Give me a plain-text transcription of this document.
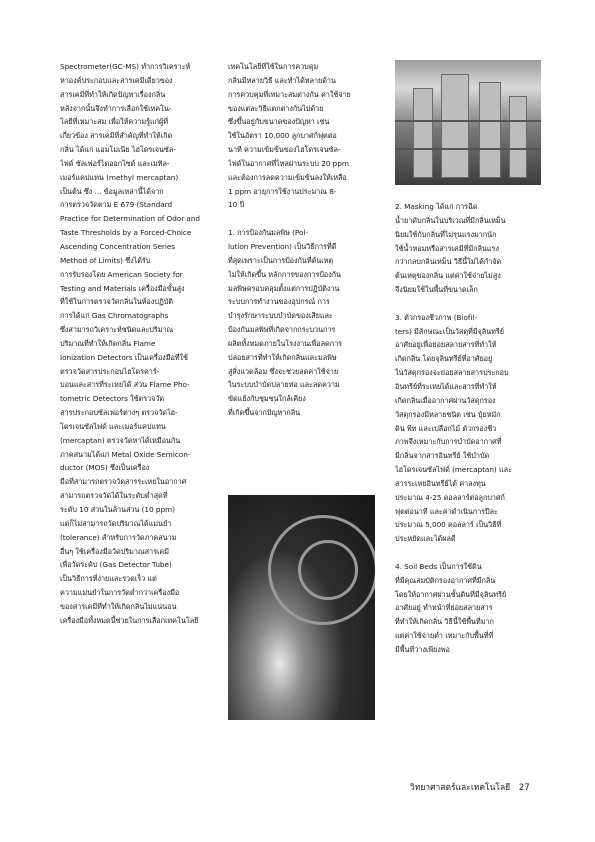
Spectrometer(GC-MS) ทำการวิเคราะห์

หาองค์ประกอบและสารเคมีเดี่ยวของ

สารเคมีที่ทำให้เกิดปัญหาเรื่องกลิ่น

หลังจากนั้นจึงทำการเลือกใช้เทคโน-

โลยีที่เหมาะสม เพื่อให้ความรู้แก่ผู้ที่

เกี่ยวข้อง สารเคมีที่สำคัญที่ทำให้เกิด

กลิ่น ได้แก่ แอมโมเนีย ไฮโดรเจนซัล-

ไฟด์ ซัลเฟอร์ไดออกไซด์ และเมทิล-

เมอร์แคปแทน (methyl mercaptan)

เป็นต้น ซึ่ง ... ข้อมูลเหล่านี้ได้จาก

การตรวจวัดตาม E 679 (Standard

Practice for Determination of Odor and

Taste Thresholds by a Forced-Choice

Ascending Concentration Series

Method of Limits) ซึ่งได้รับ

การรับรองโดย American Society for

Testing and Materials เครื่องมือขั้นสูง

ที่ใช้ในการตรวจวัดกลิ่นในห้องปฏิบัติ

การได้แก่ Gas Chromatographs

ซึ่งสามารถวิเคราะห์ชนิดและปริมาณ

ปริมาณที่ทำให้เกิดกลิ่น Flame

Ionization Detectors เป็นเครื่องมือที่ใช้

ตรวจวัดสารประกอบไฮโดรคาร์-

บอนและสารที่ระเหยได้ ส่วน Flame Pho-

tometric Detectors ใช้ตรวจวัด

สารประกอบซัลเฟอร์ต่างๆ ตรวจวัดไฮ-

โดรเจนซัลไฟด์ และเมอร์แคปแทน

(mercaptan) ตรวจวัดหาได้เหมือนกัน

ภาคสนามได้แก่ Metal Oxide Semicon-

ductor (MOS) ซึ่งเป็นเครื่อง

มือที่สามารถตรวจวัดสารระเหยในอากาศ

สามารถตรวจวัดได้ในระดับต่ำสุดที่

ระดับ 10 ส่วนในล้านส่วน (10 ppm)

แต่ก็ไม่สามารถวัดปริมาณได้แม่นยำ

(tolerance) สำหรับการวัดภาคสนาม

อื่นๆ ใช้เครื่องมือวัดปริมาณสารเคมี

เพื่อวัดระดับ (Gas Detector Tube)

เป็นวิธีการที่ง่ายและรวดเร็ว แต่

ความแม่นยำในการวัดต่ำกว่าเครื่องมือ

ของสารเคมีที่ทำให้เกิดกลิ่นไม่แน่นอน

เครื่องมือทั้งหมดนี้ช่วยในการเลือกเทคโนโลยี

เทคโนโลยีที่ใช้ในการควบคุม

กลิ่นมีหลายวิธี และทำได้หลายด้าน

การควบคุมที่เหมาะสมต่างกัน ค่าใช้จ่าย

ของแต่ละวิธีแตกต่างกันไปด้วย

ซึ่งขึ้นอยู่กับขนาดของปัญหา เช่น

ใช้ในอัตรา 10,000 ลูกบาศก์ฟุตต่อ

นาที ความเข้มข้นของไฮโดรเจนซัล-

ไฟด์ในอากาศที่ไหลผ่านระบบ 20 ppm

และต้องการลดความเข้มข้นลงให้เหลือ

1 ppm อายุการใช้งานประมาณ 8-

10 ปี

1. การป้องกันมลพิษ (Pol-

lution Prevention) เป็นวิธีการที่ดี

ที่สุดเพราะเป็นการป้องกันที่ต้นเหตุ

ไม่ให้เกิดขึ้น หลักการของการป้องกัน

มลพิษครอบคลุมตั้งแต่การปฏิบัติงาน

ระบบการทำงานของอุปกรณ์ การ

บำรุงรักษาระบบบำบัดของเสียและ

ป้องกันมลพิษที่เกิดจากกระบวนการ

ผลิตทั้งหมดภายในโรงงานเพื่อลดการ

ปล่อยสารที่ทำให้เกิดกลิ่นและมลพิษ

สู่สิ่งแวดล้อม ซึ่งจะช่วยลดค่าใช้จ่าย

ในระบบบำบัดปลายท่อ และลดความ

ขัดแย้งกับชุมชนใกล้เคียง

ที่เกิดขึ้นจากปัญหากลิ่น

2. Masking ได้แก่ การฉีด

น้ำยาดับกลิ่นในบริเวณที่มีกลิ่นเหม็น

นิยมใช้กับกลิ่นที่ไม่รุนแรงมากนัก

ใช้น้ำหอมหรือสารเคมีที่มีกลิ่นแรง

กว่ากลบกลิ่นเหม็น วิธีนี้ไม่ได้กำจัด

ต้นเหตุของกลิ่น แต่ค่าใช้จ่ายไม่สูง

จึงนิยมใช้ในพื้นที่ขนาดเล็ก

3. ตัวกรองชีวภาพ (Biofil-

ters) มีลักษณะเป็นวัสดุที่มีจุลินทรีย์

อาศัยอยู่เพื่อย่อยสลายสารที่ทำให้

เกิดกลิ่น โดยจุลินทรีย์ที่อาศัยอยู่

ในวัสดุกรองจะย่อยสลายสารประกอบ

อินทรีย์ที่ระเหยได้และสารที่ทำให้

เกิดกลิ่นเมื่ออากาศผ่านวัสดุกรอง

วัสดุกรองมีหลายชนิด เช่น ปุ๋ยหมัก

ดิน พีท และเปลือกไม้ ตัวกรองชีว

ภาพจึงเหมาะกับการบำบัดอากาศที่

มีกลิ่นจากสารอินทรีย์ ใช้บำบัด

ไฮโดรเจนซัลไฟด์ (mercaptan) และ

สารระเหยอินทรีย์ได้ ค่าลงทุน

ประมาณ 4-25 ดอลลาร์ต่อลูกบาศก์

ฟุตต่อนาที และค่าดำเนินการปีละ

ประมาณ 5,000 ดอลลาร์ เป็นวิธีที่

ประหยัดและได้ผลดี

4. Soil Beds เป็นการใช้ดิน

ที่มีคุณสมบัติกรองอากาศที่มีกลิ่น

โดยให้อากาศผ่านชั้นดินที่มีจุลินทรีย์

อาศัยอยู่ ทำหน้าที่ย่อยสลายสาร

ที่ทำให้เกิดกลิ่น วิธีนี้ใช้พื้นที่มาก

แต่ค่าใช้จ่ายต่ำ เหมาะกับพื้นที่ที่

มีพื้นที่ว่างเพียงพอ

วิทยาศาสตร์และเทคโนโลยี 27
